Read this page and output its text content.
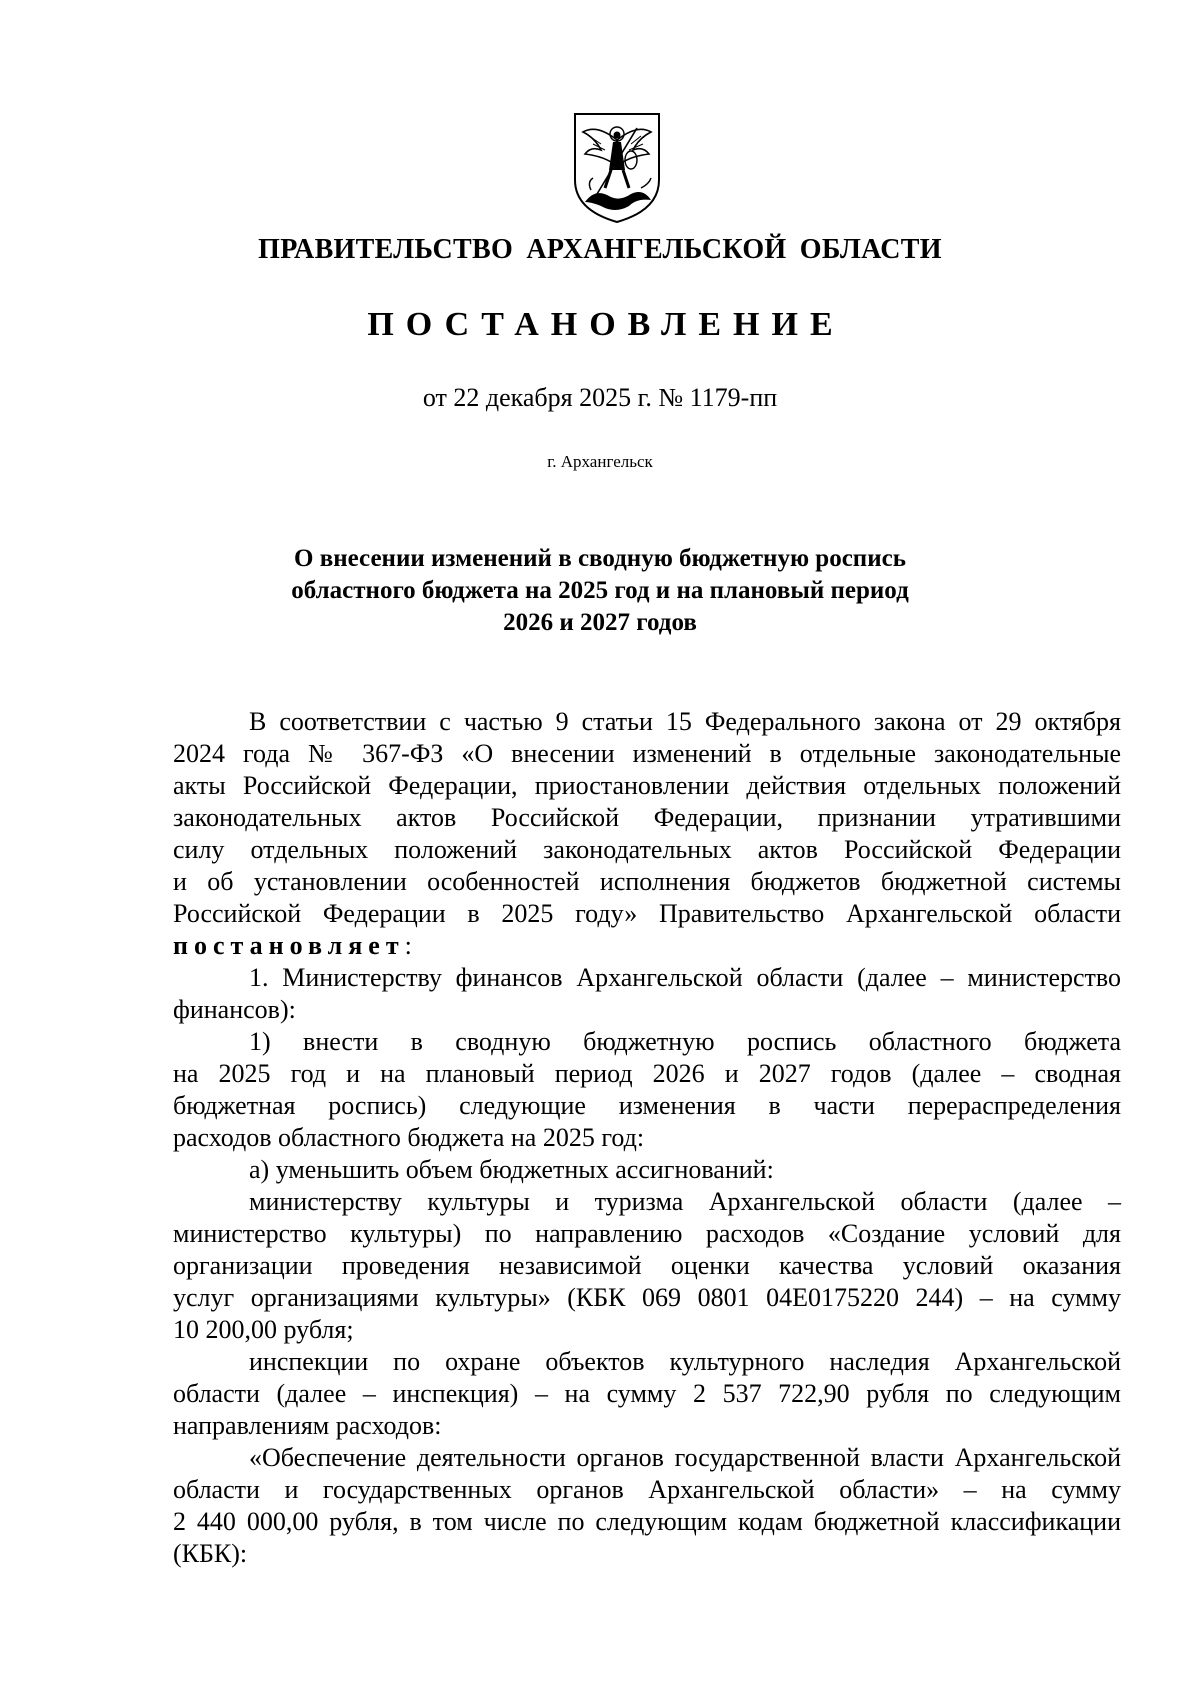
ПРАВИТЕЛЬСТВО АРХАНГЕЛЬСКОЙ ОБЛАСТИ
ПОСТАНОВЛЕНИЕ
от 22 декабря 2025 г. № 1179-пп
г. Архангельск
О внесении изменений в сводную бюджетную роспись
областного бюджета на 2025 год и на плановый период
2026 и 2027 годов
В соответствии с частью 9 статьи 15 Федерального закона от 29 октября
2024 года № 367-ФЗ «О внесении изменений в отдельные законодательные
акты Российской Федерации, приостановлении действия отдельных положений
законодательных актов Российской Федерации, признании утратившими
силу отдельных положений законодательных актов Российской Федерации
и об установлении особенностей исполнения бюджетов бюджетной системы
Российской Федерации в 2025 году» Правительство Архангельской области
постановляет:
1. Министерству финансов Архангельской области (далее – министерство
финансов):
1) внести в сводную бюджетную роспись областного бюджета
на 2025 год и на плановый период 2026 и 2027 годов (далее – сводная
бюджетная роспись) следующие изменения в части перераспределения
расходов областного бюджета на 2025 год:
а) уменьшить объем бюджетных ассигнований:
министерству культуры и туризма Архангельской области (далее –
министерство культуры) по направлению расходов «Создание условий для
организации проведения независимой оценки качества условий оказания
услуг организациями культуры» (КБК 069 0801 04Е0175220 244) – на сумму
10 200,00 рубля;
инспекции по охране объектов культурного наследия Архангельской
области (далее – инспекция) – на сумму 2 537 722,90 рубля по следующим
направлениям расходов:
«Обеспечение деятельности органов государственной власти Архангельской
области и государственных органов Архангельской области» – на сумму
2 440 000,00 рубля, в том числе по следующим кодам бюджетной классификации
(КБК):
